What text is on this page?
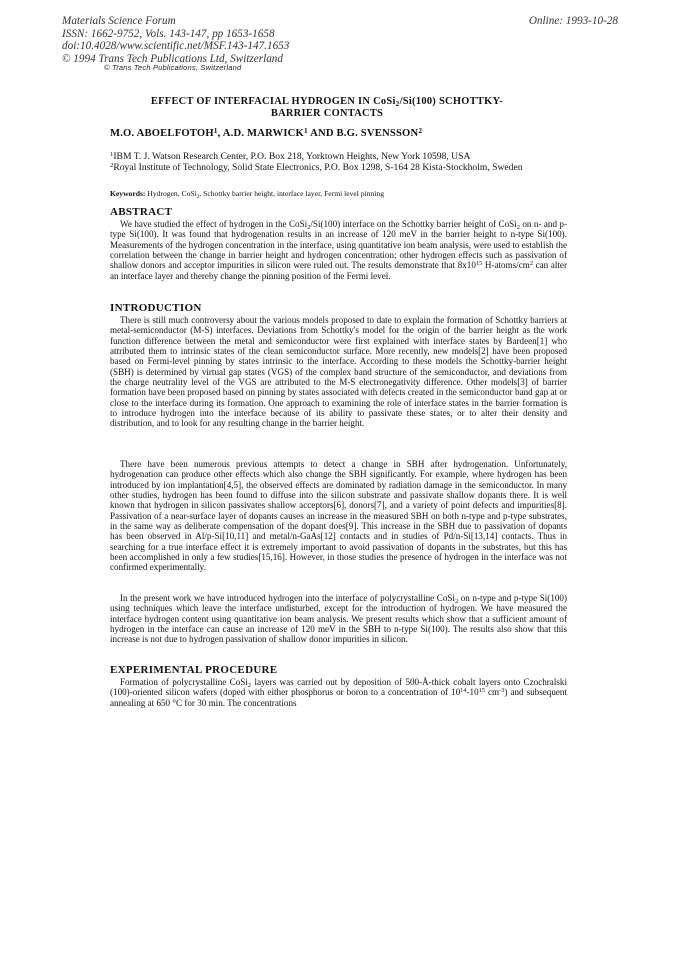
Materials Science Forum
ISSN: 1662-9752, Vols. 143-147, pp 1653-1658
doi:10.4028/www.scientific.net/MSF.143-147.1653
© 1994 Trans Tech Publications Ltd, Switzerland
Online: 1993-10-28
© Trans Tech Publications, Switzerland
EFFECT OF INTERFACIAL HYDROGEN IN CoSi$_2$/Si(100) SCHOTTKY-
BARRIER CONTACTS
M.O. ABOELFOTOH$^1$, A.D. MARWICK$^1$ AND B.G. SVENSSON$^2$
$^1$IBM T. J. Watson Research Center, P.O. Box 218, Yorktown Heights, New York 10598, USA
$^2$Royal Institute of Technology, Solid State Electronics, P.O. Box 1298, S-164 28 Kista-Stockholm, Sweden
Keywords: Hydrogen, CoSi$_2$, Schottky barrier height, interface layer, Fermi level pinning
ABSTRACT
We have studied the effect of hydrogen in the CoSi$_2$/Si(100) interface on the Schottky barrier height of CoSi$_2$ on n- and p-type Si(100). It was found that hydrogenation results in an increase of 120 meV in the barrier height to n-type Si(100). Measurements of the hydrogen concentration in the interface, using quantitative ion beam analysis, were used to establish the correlation between the change in barrier height and hydrogen concentration; other hydrogen effects such as passivation of shallow donors and acceptor impurities in silicon were ruled out. The results demonstrate that $8x10^{15}$ $H-atoms/cm^2$ can alter an interface layer and thereby change the pinning position of the Fermi level.
INTRODUCTION
There is still much controversy about the various models proposed to date to explain the formation of Schottky barriers at metal-semiconductor (M-S) interfaces. Deviations from Schottky's model for the origin of the barrier height as the work function difference between the metal and semiconductor were first explained with interface states by Bardeen[1] who attributed them to intrinsic states of the clean semiconductor surface. More recently, new models[2] have been proposed based on Fermi-level pinning by states intrinsic to the interface. According to these models the Schottky-barrier height (SBH) is determined by virtual gap states (VGS) of the complex band structure of the semiconductor, and deviations from the charge neutrality level of the VGS are attributed to the M-S electronegativity difference. Other models[3] of barrier formation have been proposed based on pinning by states associated with defects created in the semiconductor band gap at or close to the interface during its formation. One approach to examining the role of interface states in the barrier formation is to introduce hydrogen into the interface because of its ability to passivate these states, or to alter their density and distribution, and to look for any resulting change in the barrier height.
There have been numerous previous attempts to detect a change in SBH after hydrogenation. Unfortunately, hydrogenation can produce other effects which also change the SBH significantly. For example, where hydrogen has been introduced by ion implantation[4,5], the observed effects are dominated by radiation damage in the semiconductor. In many other studies, hydrogen has been found to diffuse into the silicon substrate and passivate shallow dopants there. It is well known that hydrogen in silicon passivates shallow acceptors[6], donors[7], and a variety of point defects and impurities[8]. Passivation of a near-surface layer of dopants causes an increase in the measured SBH on both n-type and p-type substrates, in the same way as deliberate compensation of the dopant does[9]. This increase in the SBH due to passivation of dopants has been observed in Al/p-Si[10,11] and metal/n-GaAs[12] contacts and in studies of Pd/n-Si[13,14] contacts. Thus in searching for a true interface effect it is extremely important to avoid passivation of dopants in the substrates, but this has been accomplished in only a few studies[15,16]. However, in those studies the presence of hydrogen in the interface was not confirmed experimentally.
In the present work we have introduced hydrogen into the interface of polycrystalline CoSi$_2$ on n-type and p-type Si(100) using techniques which leave the interface undisturbed, except for the introduction of hydrogen. We have measured the interface hydrogen content using quantitative ion beam analysis. We present results which show that a sufficient amount of hydrogen in the interface can cause an increase of 120 meV in the SBH to n-type Si(100). The results also show that this increase is not due to hydrogen passivation of shallow donor impurities in silicon.
EXPERIMENTAL PROCEDURE
Formation of polycrystalline CoSi$_2$ layers was carried out by deposition of 500-Å-thick cobalt layers onto Czochralski (100)-oriented silicon wafers (doped with either phosphorus or boron to a concentration of $10^{14}-10^{15}$ $cm^{-3}$) and subsequent annealing at 650 °C for 30 min. The concentrations
